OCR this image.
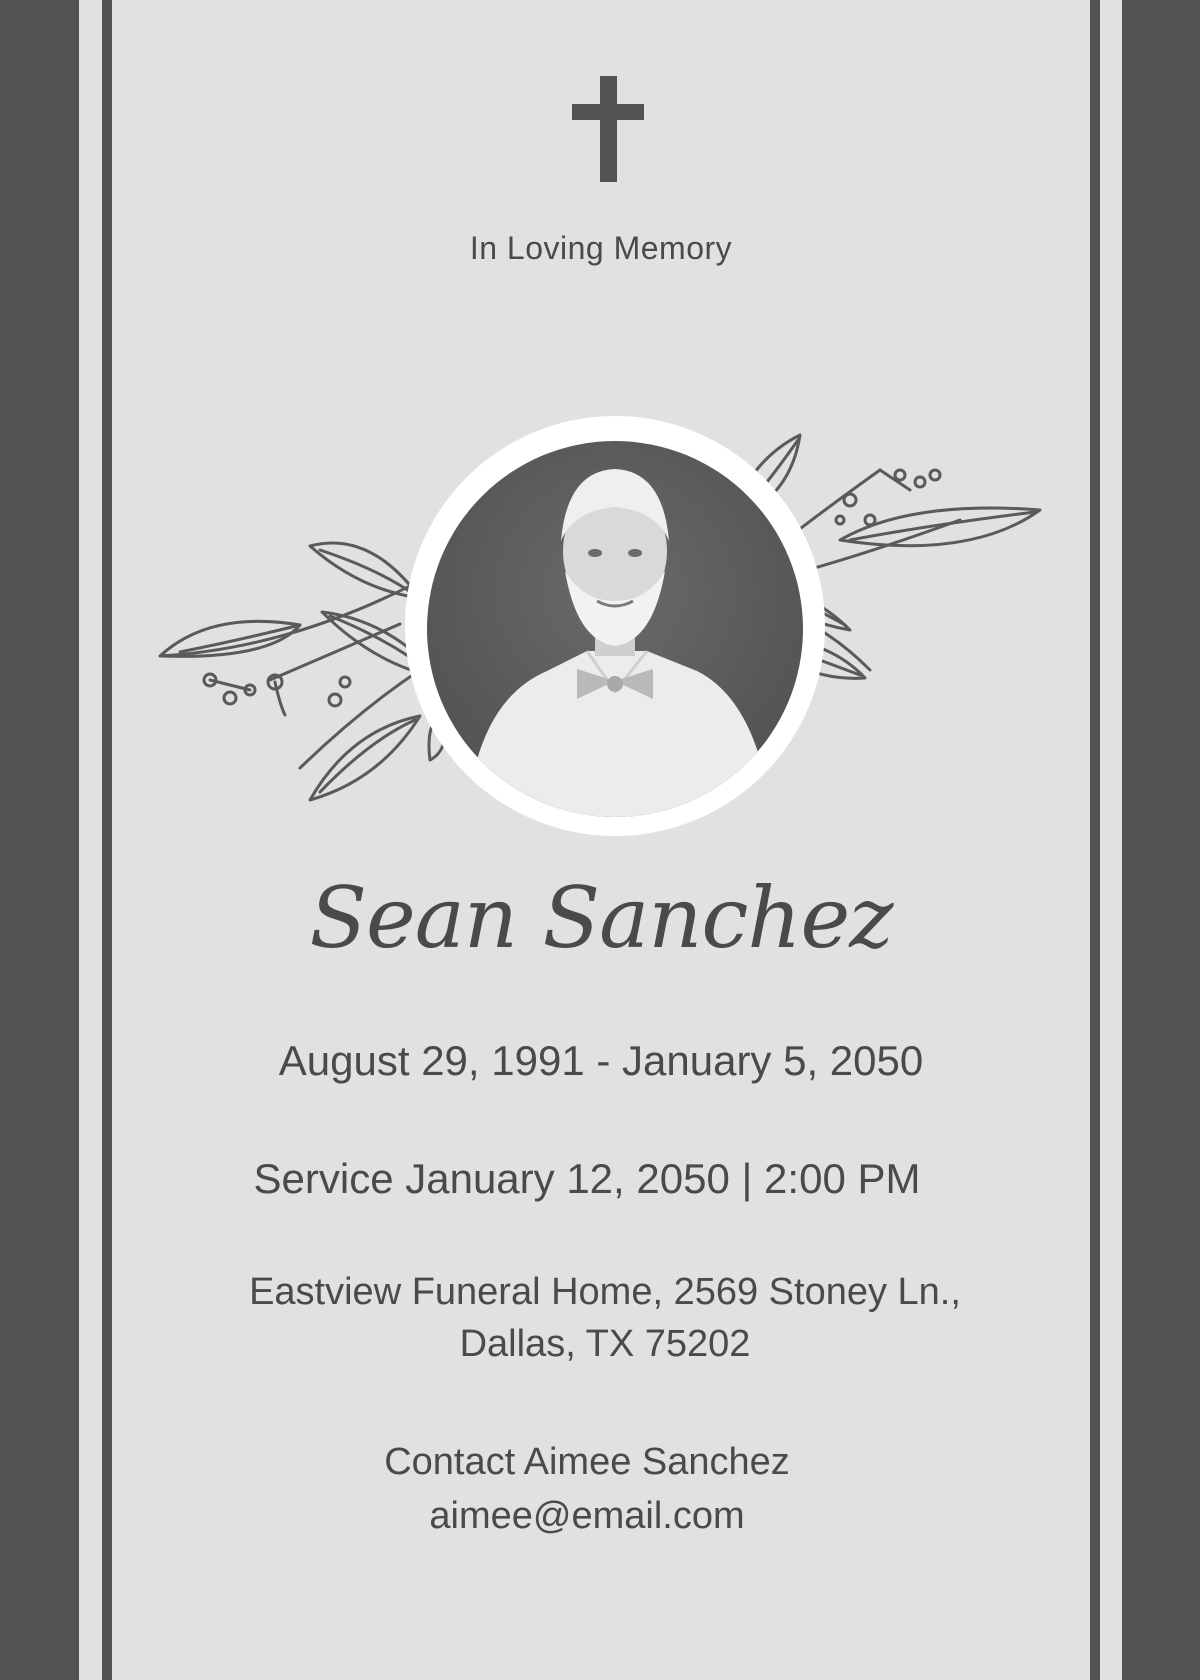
In Loving Memory
Sean Sanchez
August 29, 1991 - January 5, 2050
Service January 12, 2050 | 2:00 PM
Eastview Funeral Home, 2569 Stoney Ln.,
Dallas, TX 75202
Contact Aimee Sanchez
aimee@email.com
